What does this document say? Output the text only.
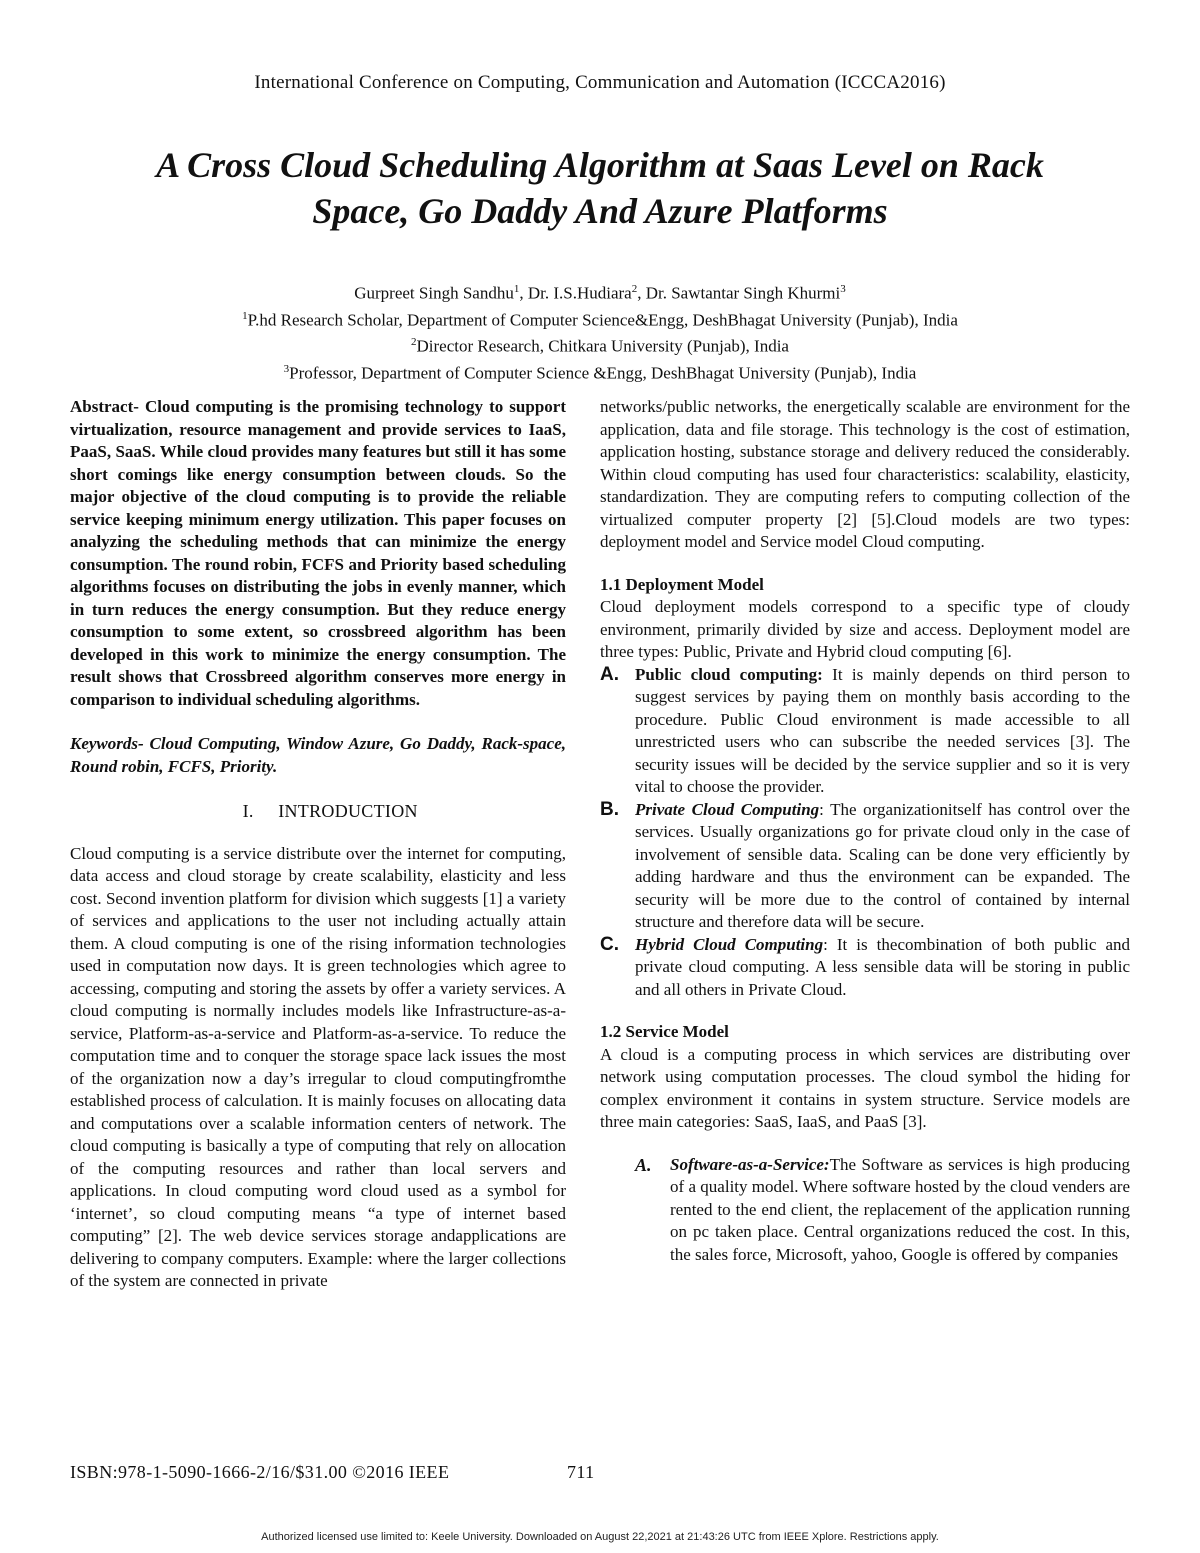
International Conference on Computing, Communication and Automation (ICCCA2016)
A Cross Cloud Scheduling Algorithm at Saas Level on Rack
Space, Go Daddy And Azure Platforms
Gurpreet Singh Sandhu$^1$, Dr. I.S.Hudiara$^2$, Dr. Sawtantar Singh Khurmi$^3$
$^1$P.hd Research Scholar, Department of Computer Science&Engg, DeshBhagat University (Punjab), India
$^2$Director Research, Chitkara University (Punjab), India
$^3$Professor, Department of Computer Science &Engg, DeshBhagat University (Punjab), India

Abstract- Cloud computing is the promising technology to support virtualization, resource management and provide services to IaaS, PaaS, SaaS. While cloud provides many features but still it has some short comings like energy consumption between clouds. So the major objective of the cloud computing is to provide the reliable service keeping minimum energy utilization. This paper focuses on analyzing the scheduling methods that can minimize the energy consumption. The round robin, FCFS and Priority based scheduling algorithms focuses on distributing the jobs in evenly manner, which in turn reduces the energy consumption. But they reduce energy consumption to some extent, so crossbreed algorithm has been developed in this work to minimize the energy consumption. The result shows that Crossbreed algorithm conserves more energy in comparison to individual scheduling algorithms.

Keywords- Cloud Computing, Window Azure, Go Daddy, Rack-space, Round robin, FCFS, Priority.

I. INTRODUCTION

Cloud computing is a service distribute over the internet for computing, data access and cloud storage by create scalability, elasticity and less cost. Second invention platform for division which suggests [1] a variety of services and applications to the user not including actually attain them. A cloud computing is one of the rising information technologies used in computation now days. It is green technologies which agree to accessing, computing and storing the assets by offer a variety services. A cloud computing is normally includes models like Infrastructure-as-a-service, Platform-as-a-service and Platform-as-a-service. To reduce the computation time and to conquer the storage space lack issues the most of the organization now a day’s irregular to cloud computingfromthe established process of calculation. It is mainly focuses on allocating data and computations over a scalable information centers of network. The cloud computing is basically a type of computing that rely on allocation of the computing resources and rather than local servers and applications. In cloud computing word cloud used as a symbol for ‘internet’, so cloud computing means “a type of internet based computing” [2]. The web device services storage andapplications are delivering to company computers. Example: where the larger collections of the system are connected in private

networks/public networks, the energetically scalable are environment for the application, data and file storage. This technology is the cost of estimation, application hosting, substance storage and delivery reduced the considerably. Within cloud computing has used four characteristics: scalability, elasticity, standardization. They are computing refers to computing collection of the virtualized computer property [2] [5].Cloud models are two types: deployment model and Service model Cloud computing.

1.1 Deployment Model

Cloud deployment models correspond to a specific type of cloudy environment, primarily divided by size and access. Deployment model are three types: Public, Private and Hybrid cloud computing [6].

A. Public cloud computing: It is mainly depends on third person to suggest services by paying them on monthly basis according to the procedure. Public Cloud environment is made accessible to all unrestricted users who can subscribe the needed services [3]. The security issues will be decided by the service supplier and so it is very vital to choose the provider.
B. Private Cloud Computing: The organizationitself has control over the services. Usually organizations go for private cloud only in the case of involvement of sensible data. Scaling can be done very efficiently by adding hardware and thus the environment can be expanded. The security will be more due to the control of contained by internal structure and therefore data will be secure.
C. Hybrid Cloud Computing: It is thecombination of both public and private cloud computing. A less sensible data will be storing in public and all others in Private Cloud.

1.2 Service Model

A cloud is a computing process in which services are distributing over network using computation processes. The cloud symbol the hiding for complex environment it contains in system structure. Service models are three main categories: SaaS, IaaS, and PaaS [3].

A. Software-as-a-Service:The Software as services is high producing of a quality model. Where software hosted by the cloud venders are rented to the end client, the replacement of the application running on pc taken place. Central organizations reduced the cost. In this, the sales force, Microsoft, yahoo, Google is offered by companies
ISBN:978-1-5090-1666-2/16/$31.00 ©2016 IEEE	711
Authorized licensed use limited to: Keele University. Downloaded on August 22,2021 at 21:43:26 UTC from IEEE Xplore. Restrictions apply.
